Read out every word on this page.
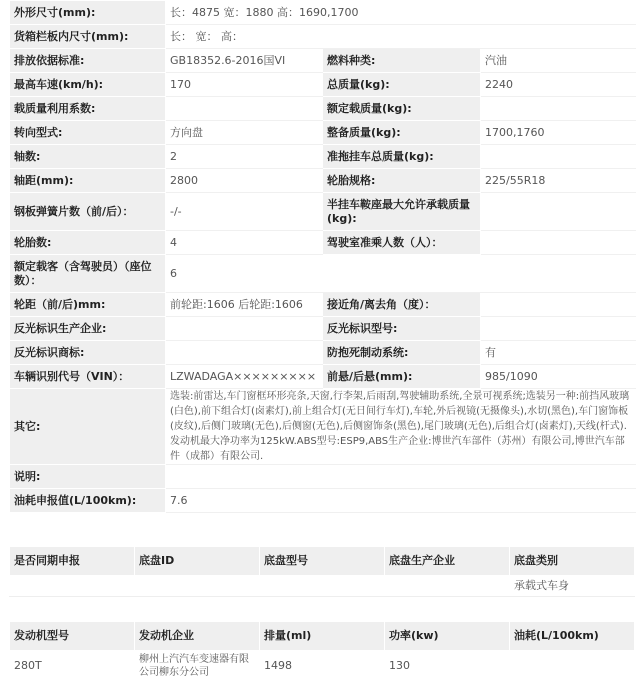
外形尺寸(mm):	长：4875 宽：1880 高：1690,1700		
货箱栏板内尺寸(mm):	长： 宽： 高：		
排放依据标准:	GB18352.6-2016国VI	燃料种类:	汽油
最高车速(km/h):	170	总质量(kg):	2240
载质量利用系数:		额定载质量(kg):	
转向型式:	方向盘	整备质量(kg):	1700,1760
轴数:	2	准拖挂车总质量(kg):	
轴距(mm):	2800	轮胎规格:	225/55R18
钢板弹簧片数（前/后）：	-/-	半挂车鞍座最大允许承载质量(kg):	
轮胎数:	4	驾驶室准乘人数（人）：	
额定载客（含驾驶员）（座位数）：	6		
轮距（前/后)mm:	前轮距:1606 后轮距:1606	接近角/离去角（度）：	
反光标识生产企业:		反光标识型号:	
反光标识商标:		防抱死制动系统:	有
车辆识别代号（VIN）：	LZWADAGA×××××××××	前悬/后悬(mm):	985/1090
其它:	选装:前雷达,车门窗框环形亮条,天窗,行李架,后雨刮,驾驶辅助系统,全景可视系统;选装另一种:前挡风玻璃(白色),前下组合灯(卤素灯),前上组合灯(无日间行车灯),车轮,外后视镜(无摄像头),水切(黑色),车门窗饰板(皮纹),后侧门玻璃(无色),后侧窗(无色),后侧窗饰条(黑色),尾门玻璃(无色),后组合灯(卤素灯),天线(杆式).发动机最大净功率为125kW.ABS型号:ESP9,ABS生产企业:博世汽车部件（苏州）有限公司,博世汽车部件（成都）有限公司.		
说明:			
油耗申报值(L/100km):	7.6		
是否同期申报	底盘ID	底盘型号	底盘生产企业	底盘类别
				承载式车身
发动机型号	发动机企业	排量(ml)	功率(kw)	油耗(L/100km)
280T	柳州上汽汽车变速器有限公司柳东分公司	1498	130	
